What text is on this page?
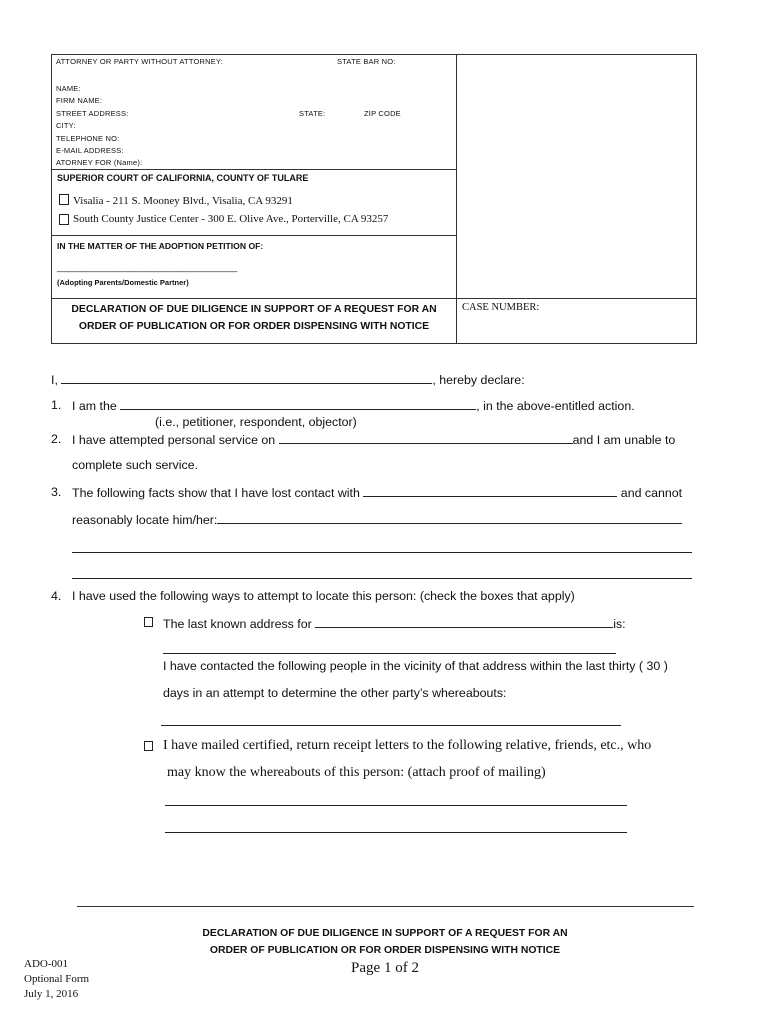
ATTORNEY OR PARTY WITHOUT ATTORNEY:	STATE BAR NO:
NAME:
FIRM NAME:
STREET ADDRESS:	STATE:	ZIP CODE
CITY:
TELEPHONE NO:
E-MAIL ADDRESS:
ATORNEY FOR (Name):
SUPERIOR COURT OF CALIFORNIA, COUNTY OF TULARE
Visalia - 211 S. Mooney Blvd., Visalia, CA 93291
South County Justice Center - 300 E. Olive Ave., Porterville, CA 93257
IN THE MATTER OF THE ADOPTION PETITION OF:
__________________________________
(Adopting Parents/Domestic Partner)
DECLARATION OF DUE DILIGENCE IN SUPPORT OF A REQUEST FOR AN
ORDER OF PUBLICATION OR FOR ORDER DISPENSING WITH NOTICE
CASE NUMBER:
I,	, hereby declare:
1. I am the	, in the above-entitled action.
(i.e., petitioner, respondent, objector)
2. I have attempted personal service on	and I am unable to
complete such service.
3. The following facts show that I have lost contact with	and cannot
reasonably locate him/her:
4. I have used the following ways to attempt to locate this person: (check the boxes that apply)
The last known address for	is:
I have contacted the following people in the vicinity of that address within the last thirty ( 30 )
days in an attempt to determine the other party’s whereabouts:
I have mailed certified, return receipt letters to the following relative, friends, etc., who
may know the whereabouts of this person: (attach proof of mailing)
DECLARATION OF DUE DILIGENCE IN SUPPORT OF A REQUEST FOR AN
ORDER OF PUBLICATION OR FOR ORDER DISPENSING WITH NOTICE
Page 1 of 2
ADO-001
Optional Form
July 1, 2016
